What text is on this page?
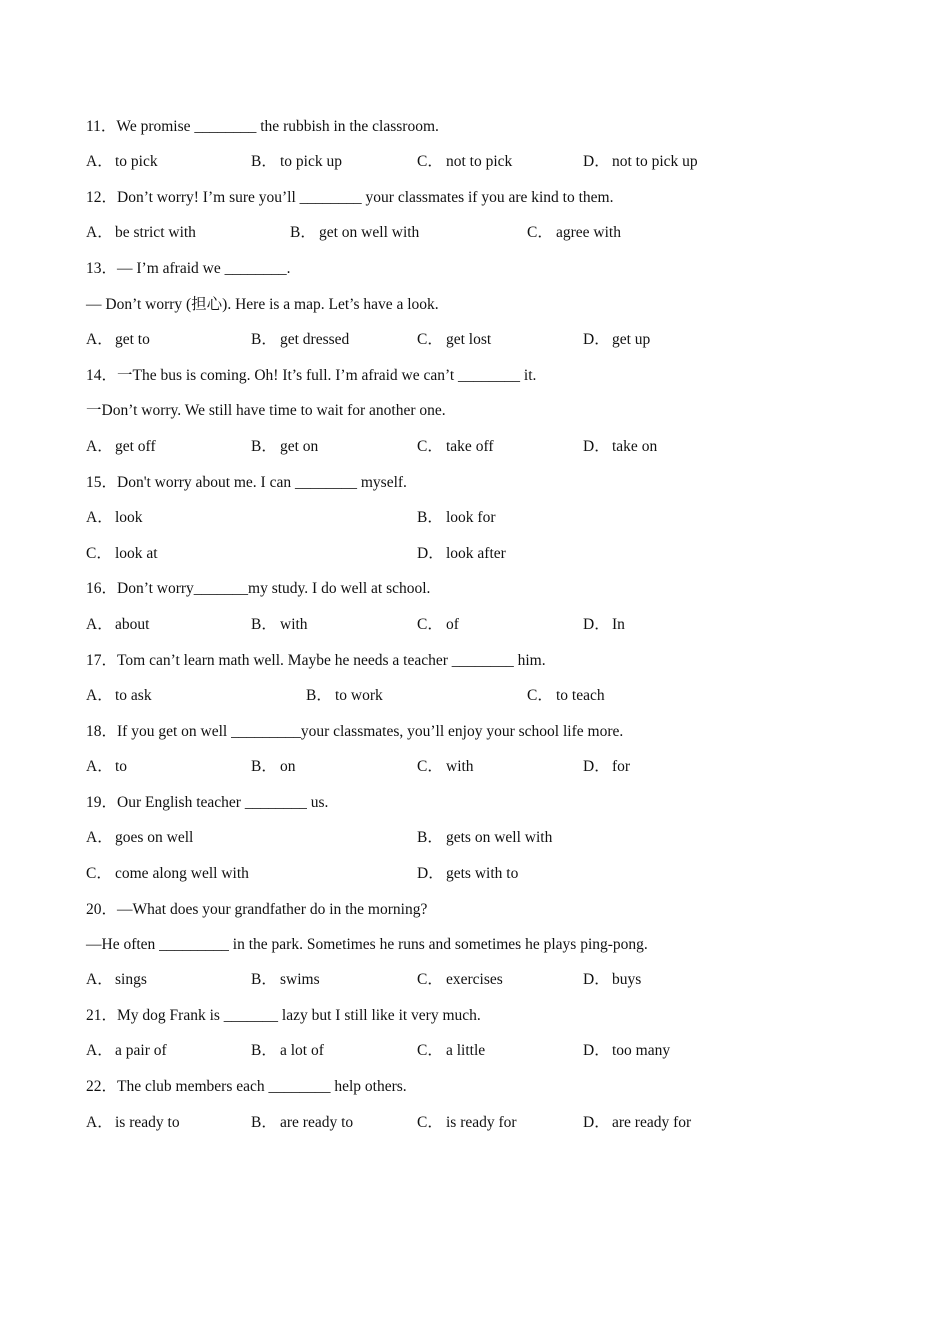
11．We promise ________ the rubbish in the classroom.
A． to pick	B． to pick up	C． not to pick	D． not to pick up
12．Don’t worry! I’m sure you’ll ________ your classmates if you are kind to them.
A． be strict with	B． get on well with	C． agree with
13．— I’m afraid we ________.
— Don’t worry (担心). Here is a map. Let’s have a look.
A． get to	B． get dressed	C． get lost	D． get up
14．一The bus is coming. Oh! It’s full. I’m afraid we can’t ________ it.
一Don’t worry. We still have time to wait for another one.
A． get off	B． get on	C． take off	D． take on
15．Don't worry about me. I can ________ myself.
A． look	B． look for
C． look at	D． look after
16．Don’t worry_______my study. I do well at school.
A． about	B． with	C． of	D． In
17．Tom can’t learn math well. Maybe he needs a teacher ________ him.
A． to ask	B． to work	C． to teach
18．If you get on well _________your classmates, you’ll enjoy your school life more.
A． to	B． on	C． with	D． for
19．Our English teacher ________ us.
A． goes on well	B． gets on well with
C． come along well with	D． gets with to
20．—What does your grandfather do in the morning?
—He often _________ in the park. Sometimes he runs and sometimes he plays ping-pong.
A． sings	B． swims	C． exercises	D． buys
21．My dog Frank is _______ lazy but I still like it very much.
A． a pair of	B． a lot of	C． a little	D． too many
22．The club members each ________ help others.
A． is ready to	B． are ready to	C． is ready for	D． are ready for
